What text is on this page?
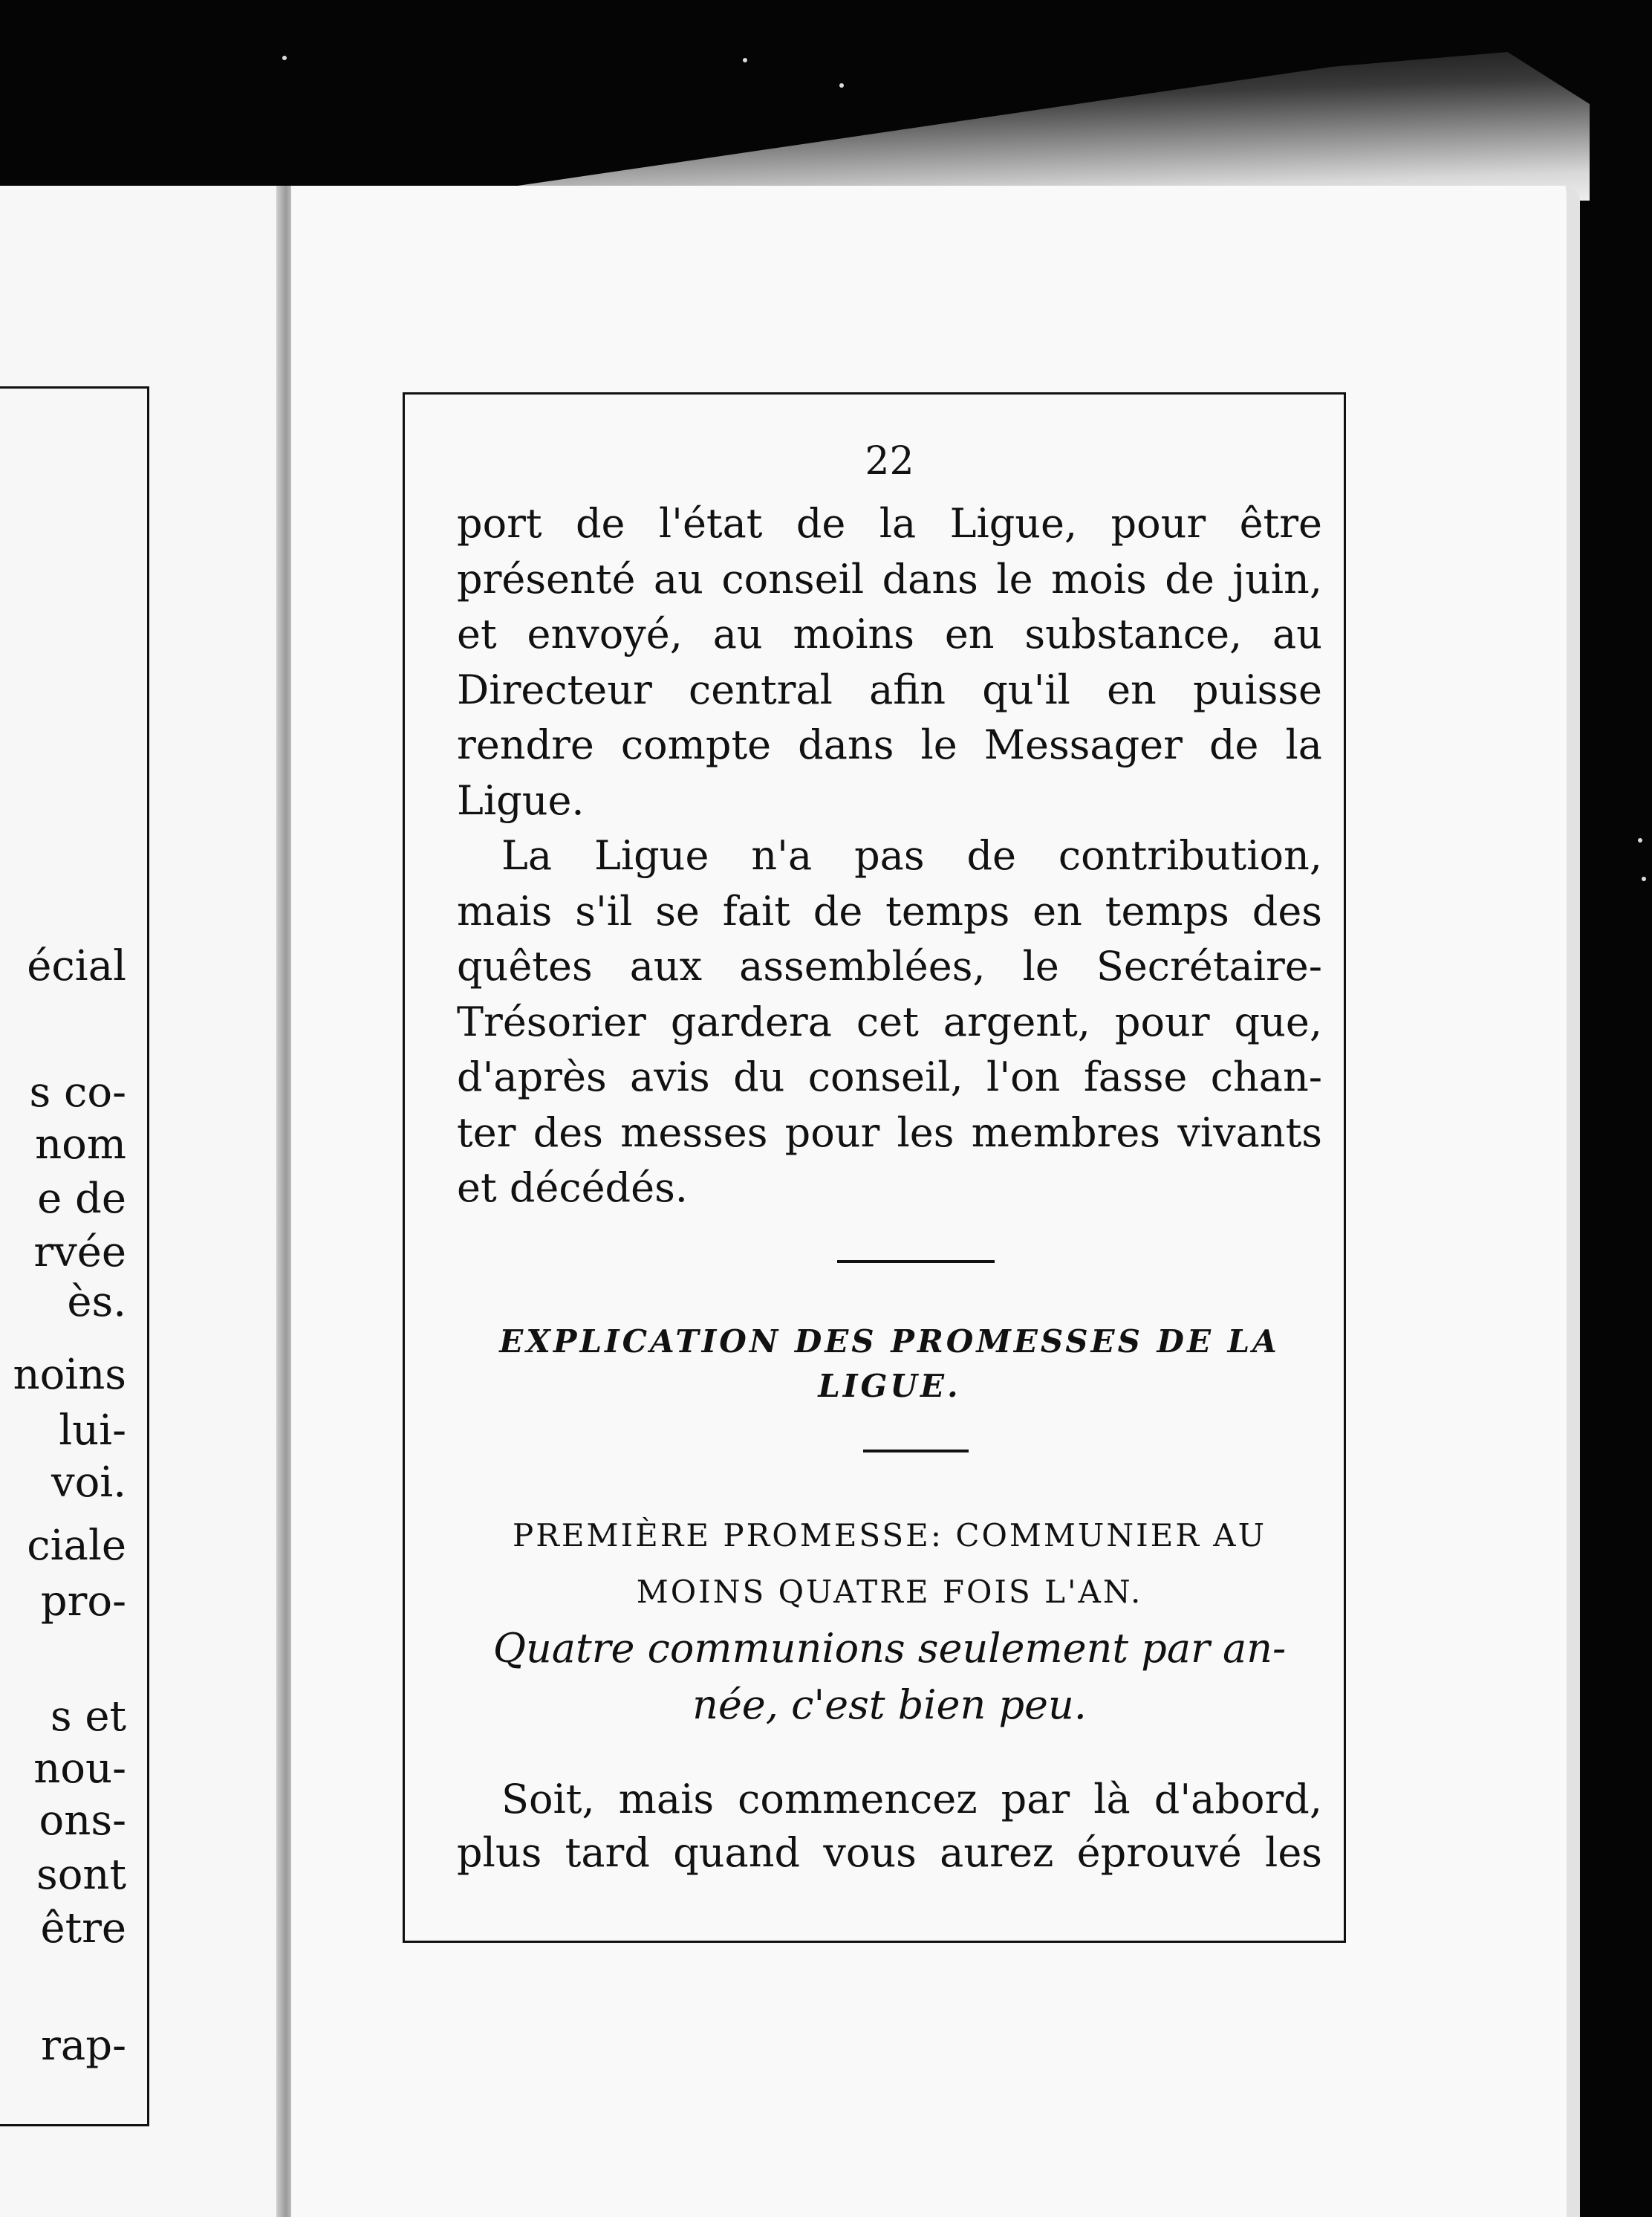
écial
s co-
nom
e de
rvée
ès.
noins
lui-
voi.
ciale
pro-
s et
nou-
ons-
sont
être
rap-
22
port de l'état de la Ligue, pour être
présenté au conseil dans le mois de juin,
et envoyé, au moins en substance, au
Directeur central afin qu'il en puisse
rendre compte dans le Messager de la
Ligue.
La Ligue n'a pas de contribution,
mais s'il se fait de temps en temps des
quêtes aux assemblées, le Secrétaire-
Trésorier gardera cet argent, pour que,
d'après avis du conseil, l'on fasse chan-
ter des messes pour les membres vivants
et décédés.
EXPLICATION DES PROMESSES DE LA
LIGUE.
PREMIÈRE PROMESSE: COMMUNIER AU
MOINS QUATRE FOIS L'AN.
Quatre communions seulement par an-
née, c'est bien peu.
Soit, mais commencez par là d'abord,
plus tard quand vous aurez éprouvé les
